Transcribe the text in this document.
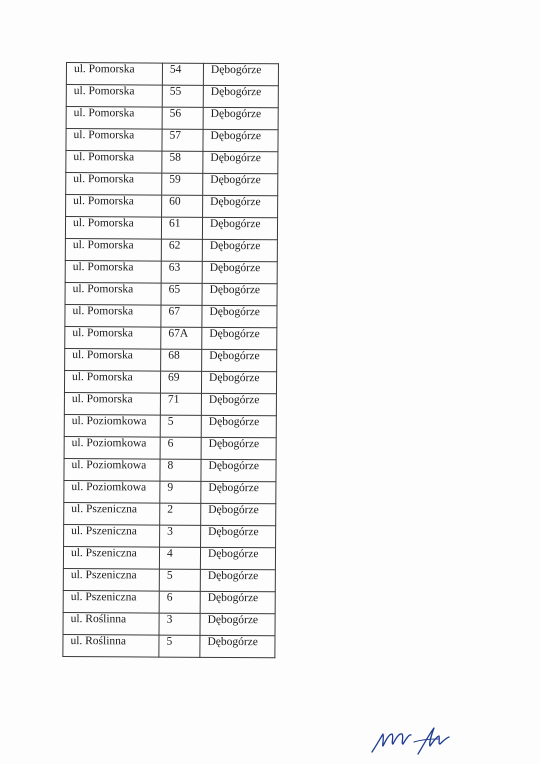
ul. Pomorska	54	Dębogórze
ul. Pomorska	55	Dębogórze
ul. Pomorska	56	Dębogórze
ul. Pomorska	57	Dębogórze
ul. Pomorska	58	Dębogórze
ul. Pomorska	59	Dębogórze
ul. Pomorska	60	Dębogórze
ul. Pomorska	61	Dębogórze
ul. Pomorska	62	Dębogórze
ul. Pomorska	63	Dębogórze
ul. Pomorska	65	Dębogórze
ul. Pomorska	67	Dębogórze
ul. Pomorska	67A	Dębogórze
ul. Pomorska	68	Dębogórze
ul. Pomorska	69	Dębogórze
ul. Pomorska	71	Dębogórze
ul. Poziomkowa	5	Dębogórze
ul. Poziomkowa	6	Dębogórze
ul. Poziomkowa	8	Dębogórze
ul. Poziomkowa	9	Dębogórze
ul. Pszeniczna	2	Dębogórze
ul. Pszeniczna	3	Dębogórze
ul. Pszeniczna	4	Dębogórze
ul. Pszeniczna	5	Dębogórze
ul. Pszeniczna	6	Dębogórze
ul. Roślinna	3	Dębogórze
ul. Roślinna	5	Dębogórze
